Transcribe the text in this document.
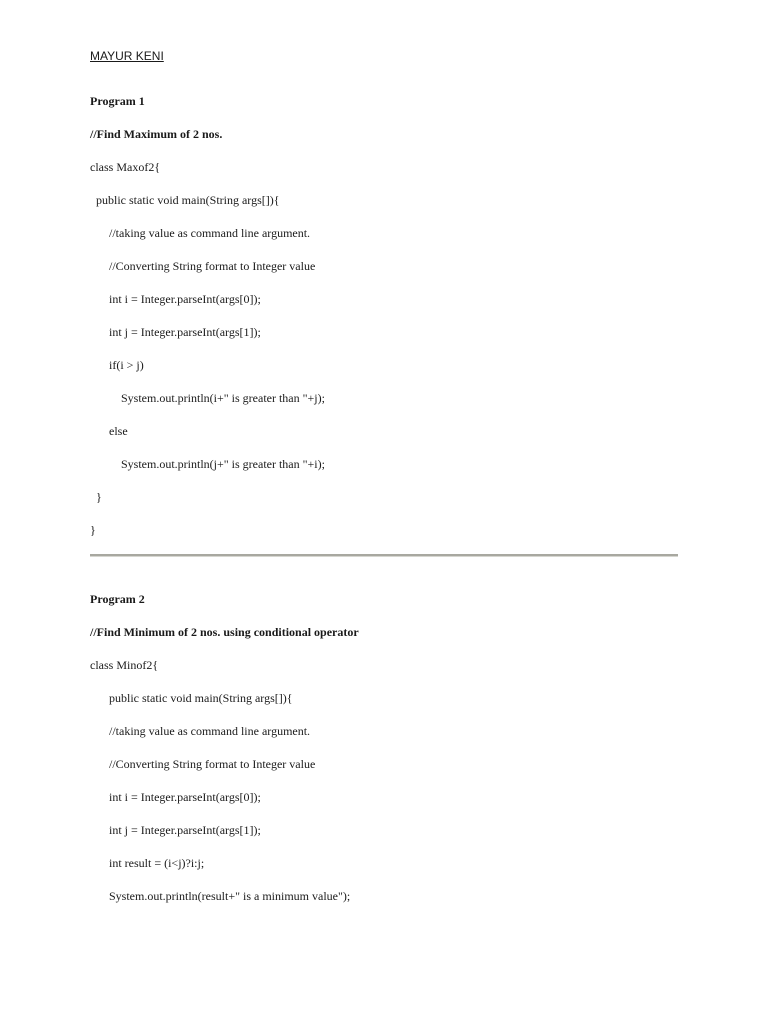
MAYUR KENI
Program 1
//Find Maximum of 2 nos.
class Maxof2{
public static void main(String args[]){
//taking value as command line argument.
//Converting String format to Integer value
int i = Integer.parseInt(args[0]);
int j = Integer.parseInt(args[1]);
if(i > j)
System.out.println(i+" is greater than "+j);
else
System.out.println(j+" is greater than "+i);
}
}
Program 2
//Find Minimum of 2 nos. using conditional operator
class Minof2{
public static void main(String args[]){
//taking value as command line argument.
//Converting String format to Integer value
int i = Integer.parseInt(args[0]);
int j = Integer.parseInt(args[1]);
int result = (i<j)?i:j;
System.out.println(result+" is a minimum value");
